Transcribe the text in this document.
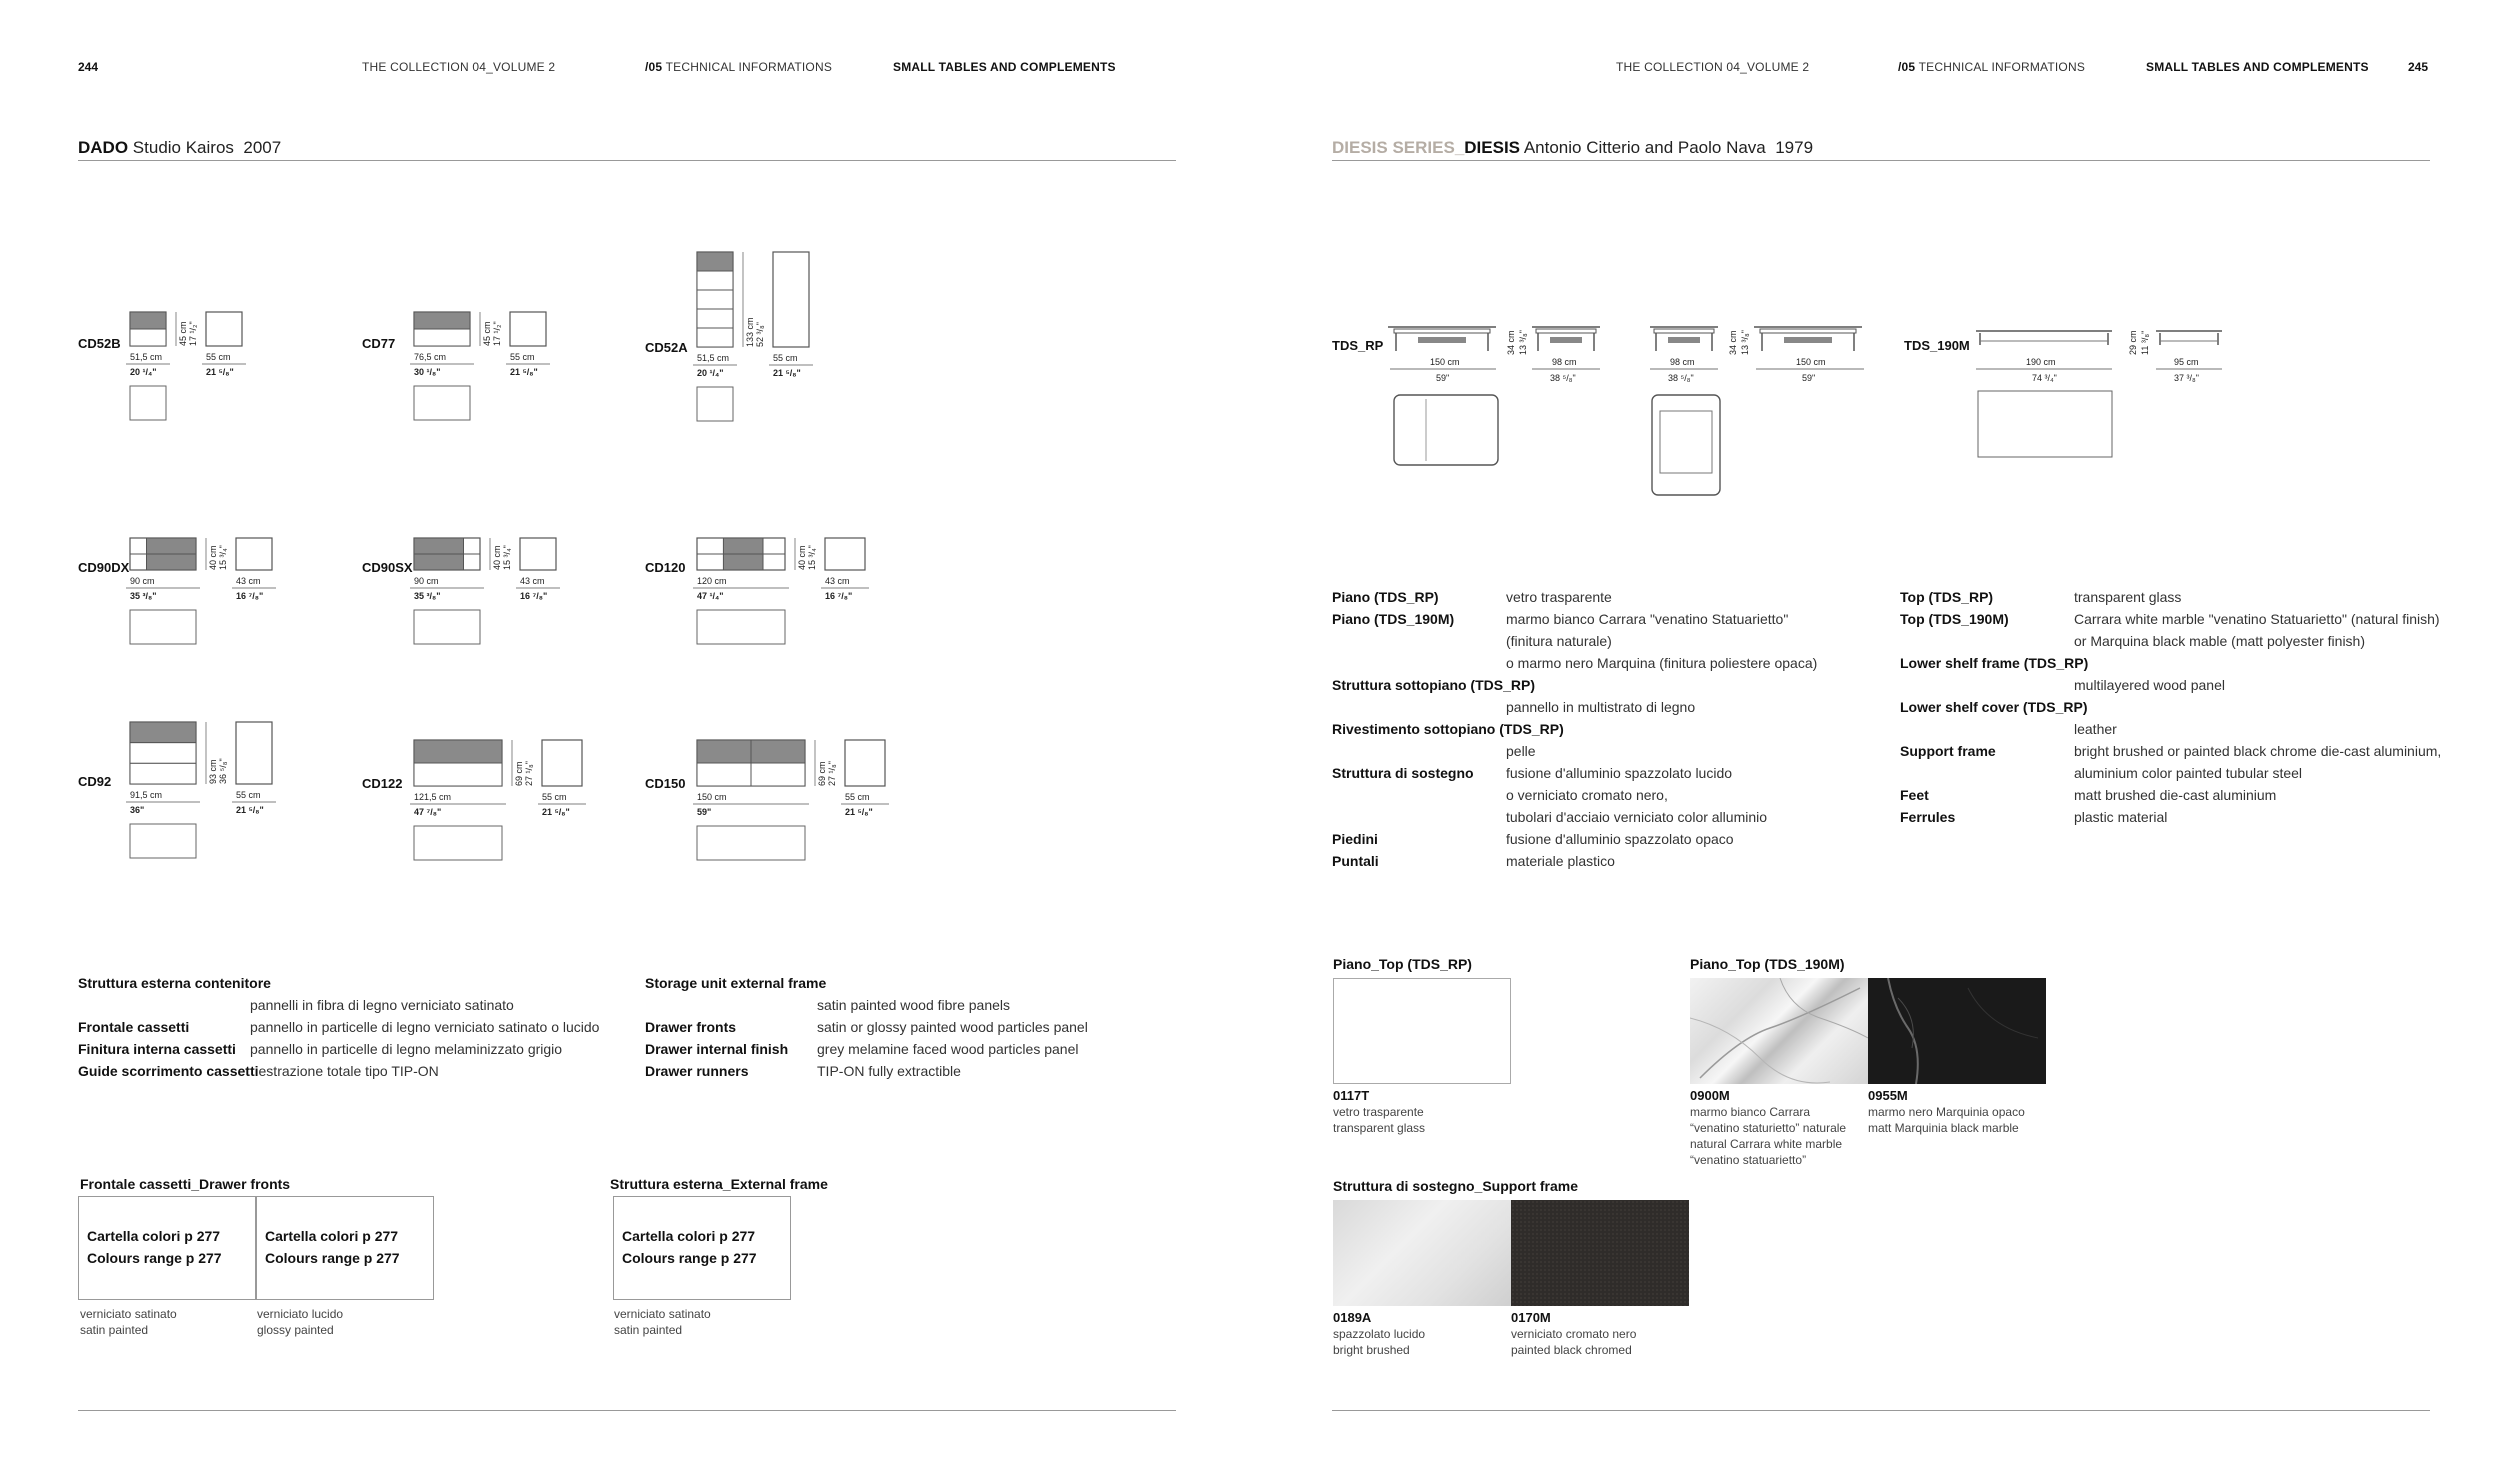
244	THE COLLECTION 04_VOLUME 2	/05 TECHNICAL INFORMATIONS	SMALL TABLES AND COMPLEMENTS
DADO Studio Kairos 2007
45 cm 17 ¹/₂"
51,5 cm
20 ¹/₄"
55 cm
21 ⁵/₈"
CD52B	45 cm 17 ¹/₂"
76,5 cm
30 ¹/₈"
55 cm
21 ⁵/₈"
CD77	133 cm 52 ³/₈"
51,5 cm
20 ¹/₄"
55 cm
21 ⁵/₈"
CD52A
40 cm 15 ³/₄"
90 cm
35 ³/₈"
43 cm
16 ⁷/₈"
CD90DX	40 cm 15 ³/₄"
90 cm
35 ³/₈"
43 cm
16 ⁷/₈"
CD90SX	40 cm 15 ³/₄"
120 cm
47 ¹/₄"
43 cm
16 ⁷/₈"
CD120
93 cm 36 ⁵/₈"
91,5 cm
36"
55 cm
21 ⁵/₈"
CD92	69 cm 27 ¹/₈"
121,5 cm
47 ⁷/₈"
55 cm
21 ⁵/₈"
CD122	69 cm 27 ¹/₈"
150 cm
59"
55 cm
21 ⁵/₈"
CD150
Struttura esterna contenitore
pannelli in fibra di legno verniciato satinato
Frontale cassetti	pannello in particelle di legno verniciato satinato o lucido
Finitura interna cassetti	pannello in particelle di legno melaminizzato grigio
Guide scorrimento cassetti estrazione totale tipo TIP-ON
Storage unit external frame
satin painted wood fibre panels
Drawer fronts	satin or glossy painted wood particles panel
Drawer internal finish	grey melamine faced wood particles panel
Drawer runners	TIP-ON fully extractible
Frontale cassetti_Drawer fronts
Cartella colori p 277
Colours range p 277
Cartella colori p 277
Colours range p 277
verniciato satinato
satin painted
verniciato lucido
glossy painted
Struttura esterna_External frame
Cartella colori p 277
Colours range p 277
verniciato satinato
satin painted
THE COLLECTION 04_VOLUME 2	/05 TECHNICAL INFORMATIONS	SMALL TABLES AND COMPLEMENTS	245
DIESIS SERIES_DIESIS Antonio Citterio and Paolo Nava 1979
TDS_RP
150 cm
59"
34 cm 13 ³/₈"
98 cm
38 ⁵/₈"
98 cm
38 ⁵/₈"
34 cm 13 ³/₈"
150 cm
59"
TDS_190M
190 cm
74 ³/₄"
29 cm 11 ³/₈"
95 cm
37 ³/₈"
Piano (TDS_RP)	vetro trasparente
Piano (TDS_190M)	marmo bianco Carrara "venatino Statuarietto"
(finitura naturale)
o marmo nero Marquina (finitura poliestere opaca)
Struttura sottopiano (TDS_RP)
pannello in multistrato di legno
Rivestimento sottopiano (TDS_RP)
pelle
Struttura di sostegno	fusione d'alluminio spazzolato lucido
o verniciato cromato nero,
tubolari d'acciaio verniciato color alluminio
Piedini	fusione d'alluminio spazzolato opaco
Puntali	materiale plastico
Top (TDS_RP)	transparent glass
Top (TDS_190M)	Carrara white marble "venatino Statuarietto" (natural finish)
or Marquina black mable (matt polyester finish)
Lower shelf frame (TDS_RP)
multilayered wood panel
Lower shelf cover (TDS_RP)
leather
Support frame	bright brushed or painted black chrome die-cast aluminium,
aluminium color painted tubular steel
Feet	matt brushed die-cast aluminium
Ferrules	plastic material
Piano_Top (TDS_RP)
0117T
vetro trasparente
transparent glass
Piano_Top (TDS_190M)
0900M
marmo bianco Carrara
“venatino staturietto” naturale
natural Carrara white marble
“venatino statuarietto”
0955M
marmo nero Marquinia opaco
matt Marquinia black marble
Struttura di sostegno_Support frame
0189A
spazzolato lucido
bright brushed
0170M
verniciato cromato nero
painted black chromed
